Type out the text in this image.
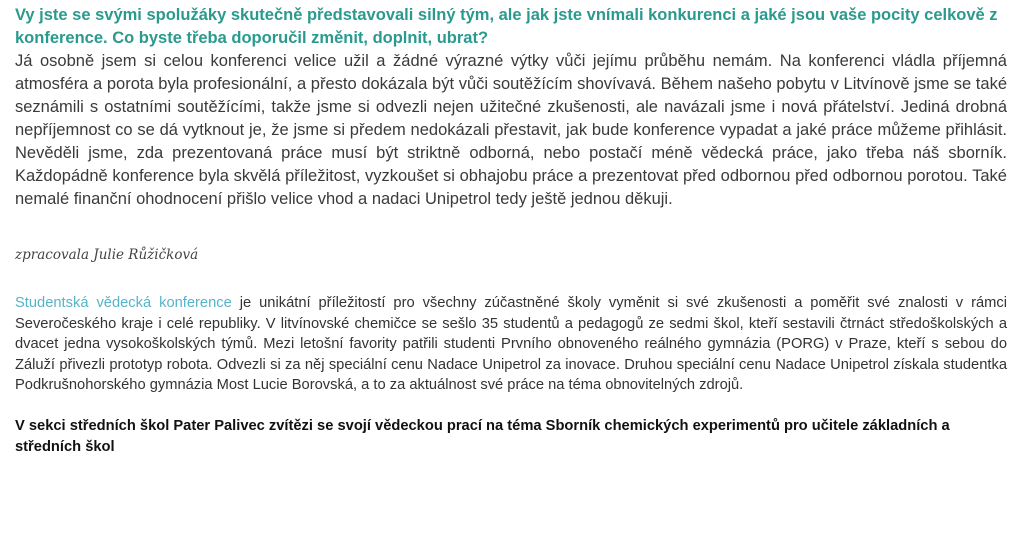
Vy jste se svými spolužáky skutečně představovali silný tým, ale jak jste vnímali konkurenci a jaké jsou vaše pocity celkově z konference. Co byste třeba doporučil změnit, doplnit, ubrat?

Já osobně jsem si celou konferenci velice užil a žádné výrazné výtky vůči jejímu průběhu nemám. Na konferenci vládla příjemná atmosféra a porota byla profesionální, a přesto dokázala být vůči soutěžícím shovívavá. Během našeho pobytu v Litvínově jsme se také seznámili s ostatními soutěžícími, takže jsme si odvezli nejen užitečné zkušenosti, ale navázali jsme i nová přátelství. Jediná drobná nepříjemnost co se dá vytknout je, že jsme si předem nedokázali přestavit, jak bude konference vypadat a jaké práce můžeme přihlásit. Nevěděli jsme, zda prezentovaná práce musí být striktně odborná, nebo postačí méně vědecká práce, jako třeba náš sborník. Každopádně konference byla skvělá příležitost, vyzkoušet si obhajobu práce a prezentovat před odbornou před odbornou porotou. Také nemalé finanční ohodnocení přišlo velice vhod a nadaci Unipetrol tedy ještě jednou děkuji.

zpracovala Julie Růžičková

Studentská vědecká konference je unikátní příležitostí pro všechny zúčastněné školy vyměnit si své zkušenosti a poměřit své znalosti v rámci Severočeského kraje i celé republiky. V litvínovské chemičce se sešlo 35 studentů a pedagogů ze sedmi škol, kteří sestavili čtrnáct středoškolských a dvacet jedna vysokoškolských týmů. Mezi letošní favority patřili studenti Prvního obnoveného reálného gymnázia (PORG) v Praze, kteří s sebou do Záluží přivezli prototyp robota. Odvezli si za něj speciální cenu Nadace Unipetrol za inovace. Druhou speciální cenu Nadace Unipetrol získala studentka Podkrušnohorského gymnázia Most Lucie Borovská, a to za aktuálnost své práce na téma obnovitelných zdrojů.

V sekci středních škol Pater Palivec zvítězi se svojí vědeckou prací na téma Sborník chemických experimentů pro učitele základních a středních škol
